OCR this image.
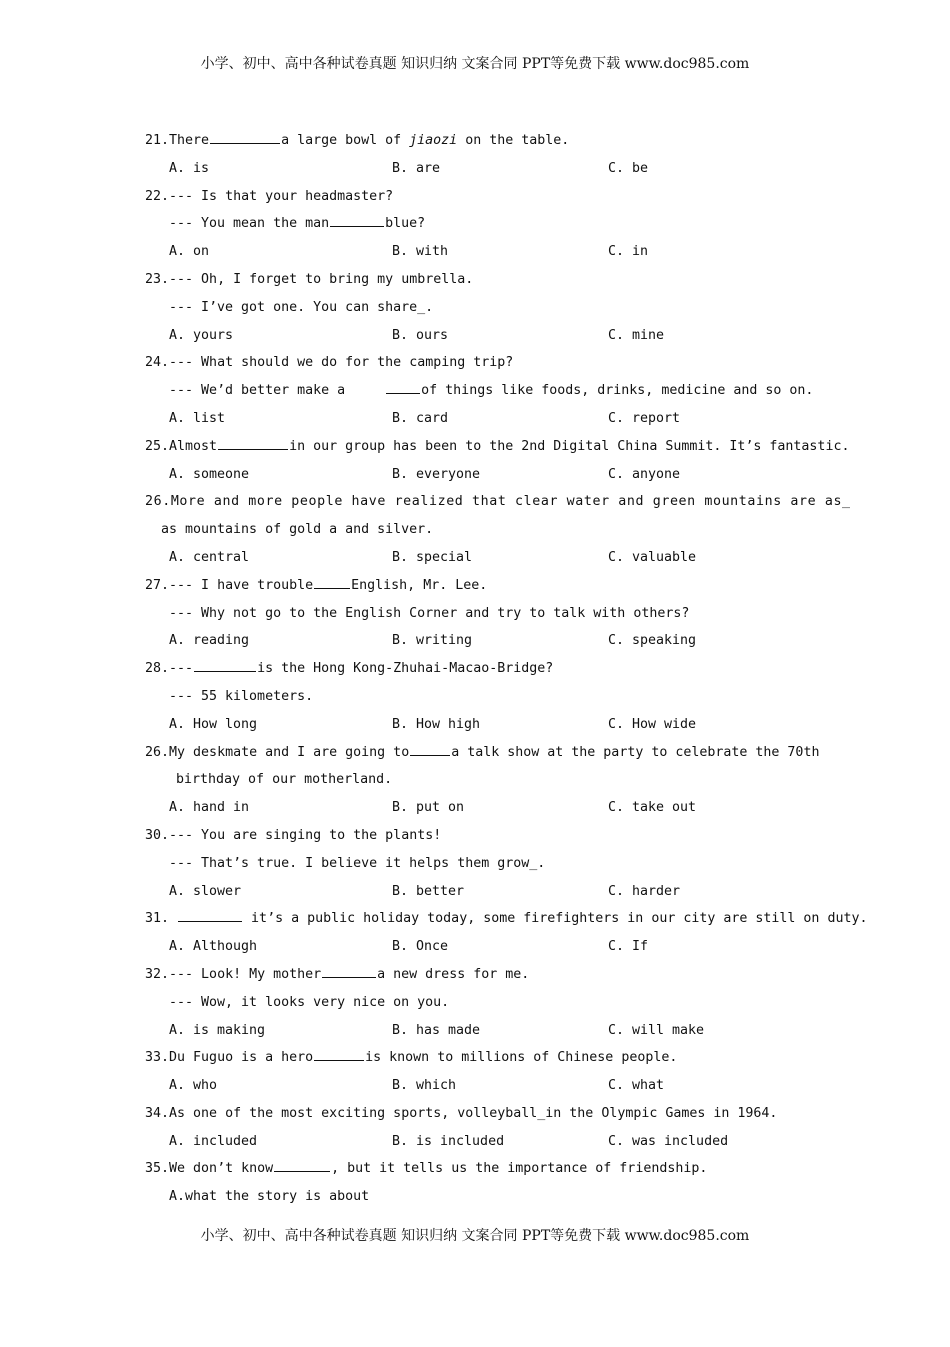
小学、初中、高中各种试卷真题 知识归纳 文案合同 PPT等免费下载 www.doc985.com
21.There	a large bowl of jiaozi on the table.
A. is	B. are	C. be
22.--- Is that your headmaster?
--- You mean the man	blue?
A. on	B. with	C. in
23.--- Oh, I forget to bring my umbrella.
--- I’ve got one. You can share_.
A. yours	B. ours	C. mine
24.--- What should we do for the camping trip?
--- We’d better make a	of things like foods, drinks, medicine and so on.
A. list	B. card	C. report
25.Almost	in our group has been to the 2nd Digital China Summit. It’s fantastic.
A. someone	B. everyone	C. anyone
26.More and more people have realized that clear water and green mountains are as_
as mountains of gold a and silver.
A. central	B. special	C. valuable
27.--- I have trouble	English, Mr. Lee.
--- Why not go to the English Corner and try to talk with others?
A. reading	B. writing	C. speaking
28.---	is the Hong Kong-Zhuhai-Macao-Bridge?
--- 55 kilometers.
A. How long	B. How high	C. How wide
26.My deskmate and I are going to	a talk show at the party to celebrate the 70th
birthday of our motherland.
A. hand in	B. put on	C. take out
30.--- You are singing to the plants!
--- That’s true. I believe it helps them grow_.
A. slower	B. better	C. harder
31.	it’s a public holiday today, some firefighters in our city are still on duty.
A. Although	B. Once	C. If
32.--- Look! My mother	a new dress for me.
--- Wow, it looks very nice on you.
A. is making	B. has made	C. will make
33.Du Fuguo is a hero	is known to millions of Chinese people.
A. who	B. which	C. what
34.As one of the most exciting sports, volleyball_in the Olympic Games in 1964.
A. included	B. is included	C. was included
35.We don’t know	, but it tells us the importance of friendship.
A.what the story is about
小学、初中、高中各种试卷真题 知识归纳 文案合同 PPT等免费下载 www.doc985.com
